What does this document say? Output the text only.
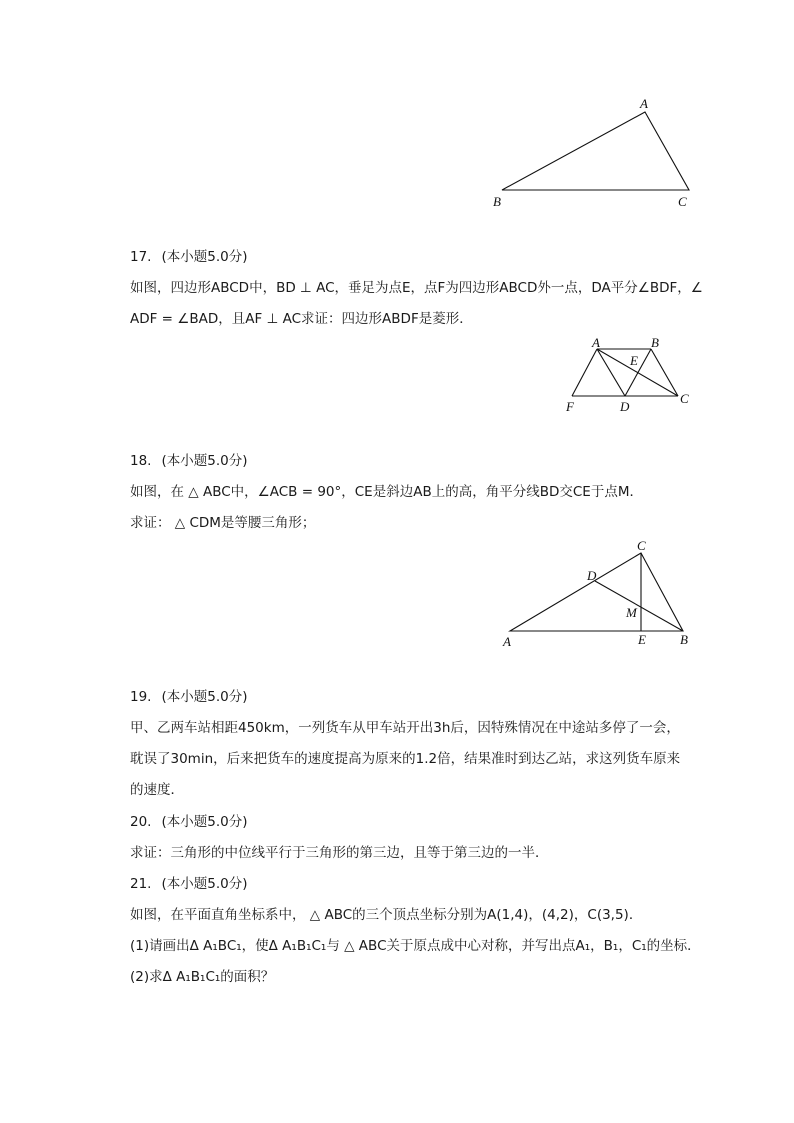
A
B	C
17. (本小题5.0分)
如图，四边形ABCD中，BD ⊥ AC，垂足为点E，点F为四边形ABCD外一点，DA平分∠BDF，∠
ADF = ∠BAD，且AF ⊥ AC求证：四边形ABDF是菱形．
A	B
E
F	D
C
18. (本小题5.0分)
如图，在 △ ABC中，∠ACB = 90°，CE是斜边AB上的高，角平分线BD交CE于点M．
求证： △ CDM是等腰三角形；
C
D
M
A	E	B
19. (本小题5.0分)
甲、乙两车站相距450km，一列货车从甲车站开出3h后，因特殊情况在中途站多停了一会，
耽误了30min，后来把货车的速度提高为原来的1.2倍，结果准时到达乙站，求这列货车原来
的速度．
20. (本小题5.0分)
求证：三角形的中位线平行于三角形的第三边，且等于第三边的一半．
21. (本小题5.0分)
如图，在平面直角坐标系中， △ ABC的三个顶点坐标分别为A(1,4)，(4,2)，C(3,5)．
(1)请画出Δ A₁BC₁，使Δ A₁B₁C₁与 △ ABC关于原点成中心对称，并写出点A₁，B₁，C₁的坐标．
(2)求Δ A₁B₁C₁的面积？
